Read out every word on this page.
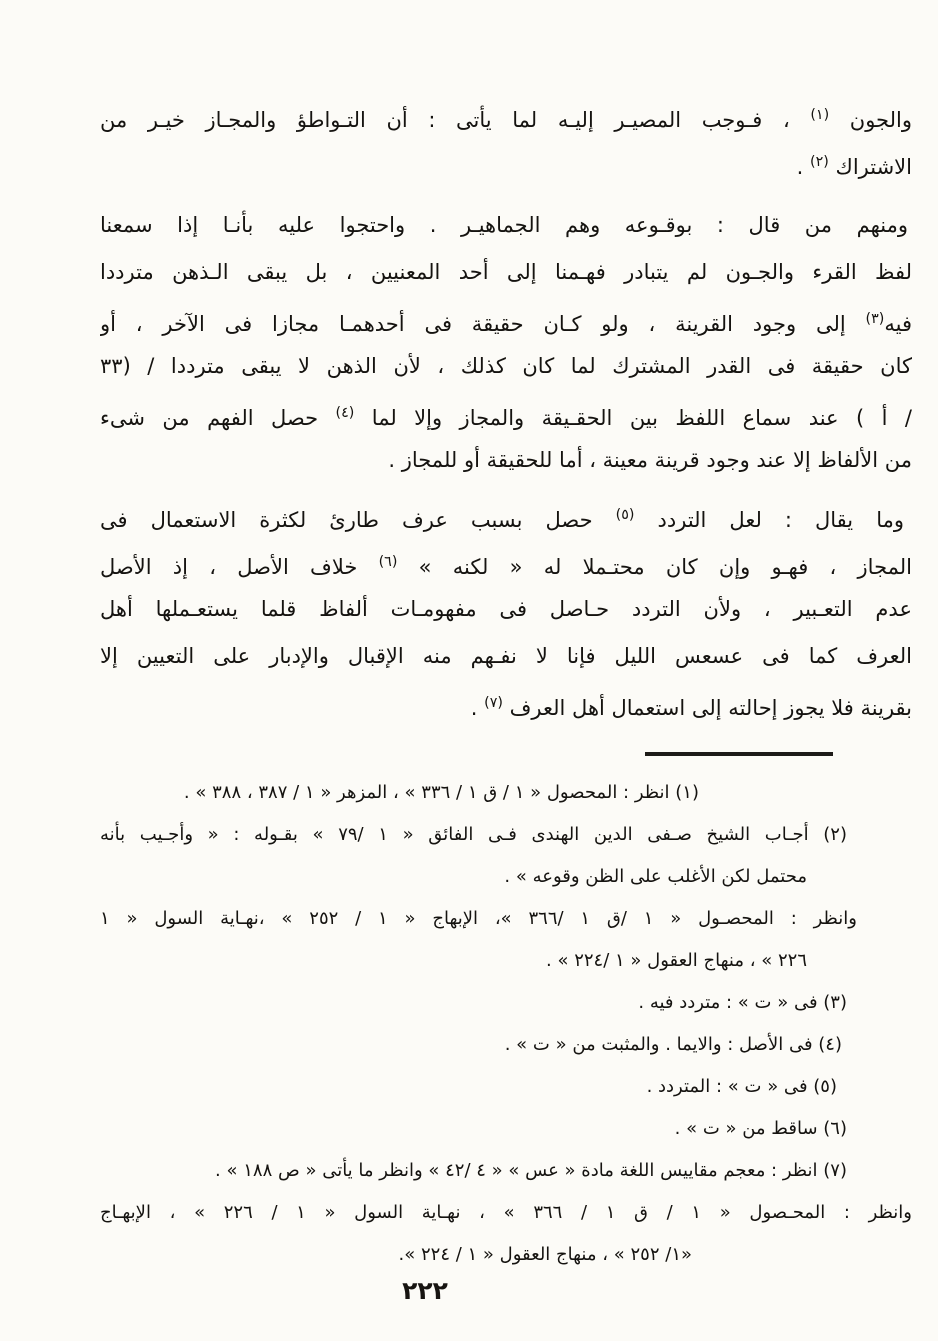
والجون $^{(١)}$ ، فـوجب المصيـر إليـه لما يأتى : أن التـواطؤ والمجـاز خيـر من
الاشتراك $^{(٢)}$ .
ومنهم من قال : بوقـوعه وهم الجماهيـر . واحتجوا عليه بأنـا إذا سمعنا
لفظ القرء والجـون لم يتبادر فهـمنا إلى أحد المعنيين ، بل يبقى الـذهن مترددا
فيه$^{(٣)}$ إلى وجود القرينة ، ولو كـان حقيقة فى أحدهمـا مجازا فى الآخر ، أو
كان حقيقة فى القدر المشترك لما كان كذلك ، لأن الذهن لا يبقى مترددا / (٣٣
/ أ ) عند سماع اللفظ بين الحقـيقة والمجاز وإلا لما $^{(٤)}$ حصل الفهم من شىء
من الألفاظ إلا عند وجود قرينة معينة ، أما للحقيقة أو للمجاز .
وما يقال : لعل التردد $^{(٥)}$ حصل بسبب عرف طارئ لكثرة الاستعمال فى
المجاز ، فهـو وإن كان محتـملا له « لكنه » $^{(٦)}$ خلاف الأصل ، إذ الأصل
عدم التعـبير ، ولأن التردد حـاصل فى مفهومـات ألفاظ قلما يستعـملها أهل
العرف كما فى عسعس الليل فإنا لا نفـهم منه الإقبال والإدبار على التعيين إلا
بقرينة فلا يجوز إحالته إلى استعمال أهل العرف $^{(٧)}$ .
(١) انظر : المحصول « ١ / ق ١ / ٣٣٦ » ، المزهر « ١ / ٣٨٧ ، ٣٨٨ » .
(٢) أجـاب الشيخ صـفى الدين الهندى فـى الفائق « ١ /٧٩ » بقـوله : « وأجـيب بأنه
محتمل لكن الأغلب على الظن وقوعه » .
وانظر : المحصـول « ١ /ق ١ /٣٦٦ »، الإبهاج « ١ / ٢٥٢ » ،نهـاية السول « ١
٢٢٦ » ، منهاج العقول « ١ /٢٢٤ » .
(٣) فى « ت » : متردد فيه .
(٤) فى الأصل : والايما . والمثبت من « ت » .
(٥) فى « ت » : المتردد .
(٦) ساقط من « ت » .
(٧) انظر : معجم مقاييس اللغة مادة « عس » « ٤ /٤٢ » وانظر ما يأتى « ص ١٨٨ » .
وانظر : المحـصول « ١ / ق ١ / ٣٦٦ » ، نهـاية السول « ١ / ٢٢٦ » ، الإبهـاج
«١/ ٢٥٢ » ، منهاج العقول « ١ / ٢٢٤ ».
٢٢٢
